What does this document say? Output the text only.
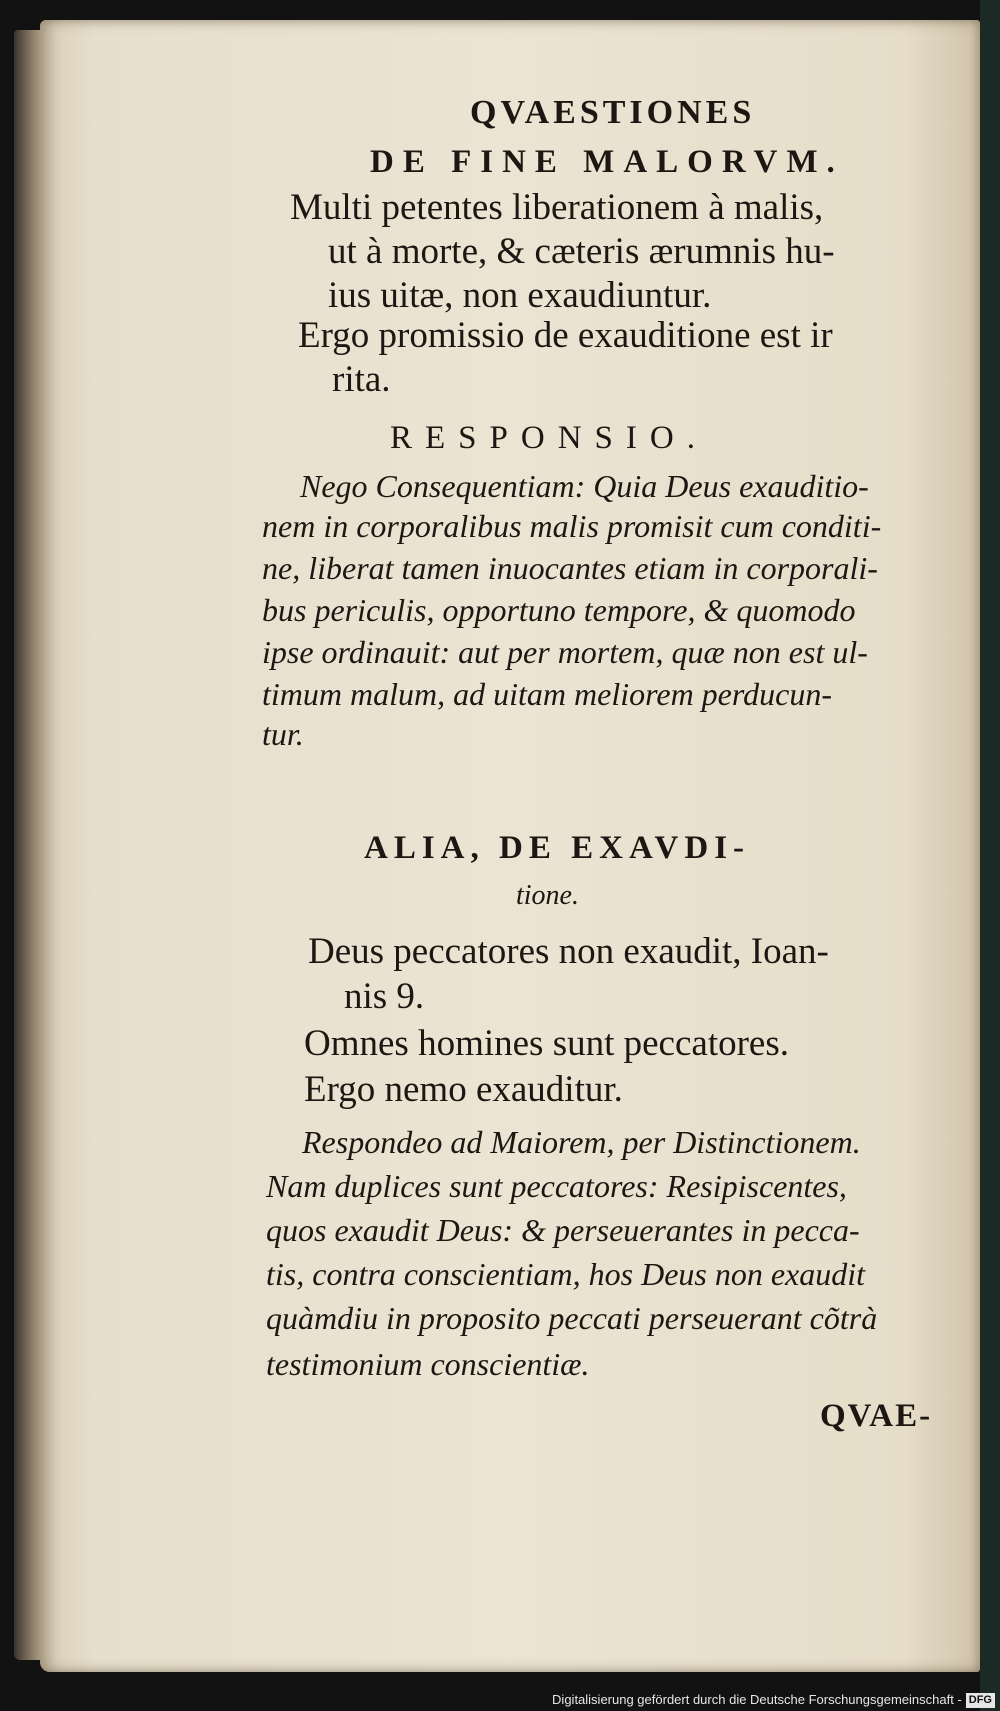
QVAESTIONES
DE FINE MALORVM.
Multi petentes liberationem à malis,
ut à morte, & cæteris ærumnis hu-
ius uitæ, non exaudiuntur.
Ergo promissio de exauditione est ir
rita.
RESPONSIO.
Nego Consequentiam: Quia Deus exauditio-
nem in corporalibus malis promisit cum conditi-
ne, liberat tamen inuocantes etiam in corporali-
bus periculis, opportuno tempore, & quomodo
ipse ordinauit: aut per mortem, quæ non est ul-
timum malum, ad uitam meliorem perducun-
tur.
ALIA, DE EXAVDI-
tione.
Deus peccatores non exaudit, Ioan-
nis 9.
Omnes homines sunt peccatores.
Ergo nemo exauditur.
Respondeo ad Maiorem, per Distinctionem.
Nam duplices sunt peccatores: Resipiscentes,
quos exaudit Deus: & perseuerantes in pecca-
tis, contra conscientiam, hos Deus non exaudit
quàmdiu in proposito peccati perseuerant cõtrà
testimonium conscientiæ.
QVAE-
Digitalisierung gefördert durch die Deutsche Forschungsgemeinschaft - DFG
